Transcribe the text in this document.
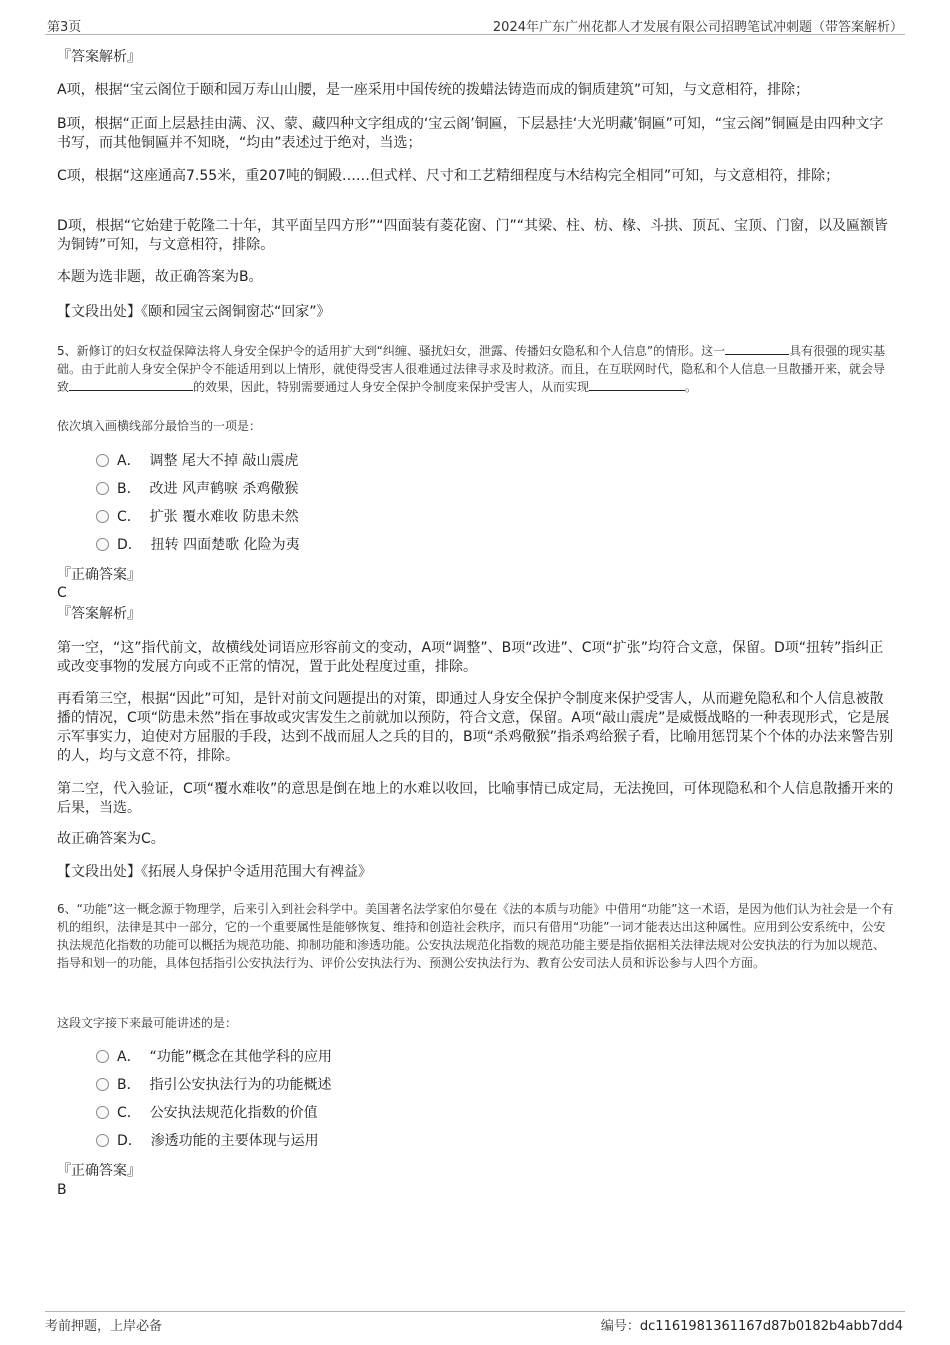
第3页	2024年广东广州花都人才发展有限公司招聘笔试冲刺题（带答案解析）
『答案解析』
A项，根据“宝云阁位于颐和园万寿山山腰，是一座采用中国传统的拨蜡法铸造而成的铜质建筑”可知，与文意相符，排除；
B项，根据“正面上层悬挂由满、汉、蒙、藏四种文字组成的‘宝云阁’铜匾，下层悬挂‘大光明藏’铜匾”可知，“宝云阁”铜匾是由四种文字书写，而其他铜匾并不知晓，“均由”表述过于绝对，当选；
C项，根据“这座通高7.55米，重207吨的铜殿……但式样、尺寸和工艺精细程度与木结构完全相同”可知，与文意相符，排除；
D项，根据“它始建于乾隆二十年，其平面呈四方形”“四面装有菱花窗、门”“其梁、柱、枋、椽、斗拱、顶瓦、宝顶、门窗，以及匾额皆为铜铸”可知，与文意相符，排除。
本题为选非题，故正确答案为B。
【文段出处】《颐和园宝云阁铜窗芯“回家”》
5、新修订的妇女权益保障法将人身安全保护令的适用扩大到“纠缠、骚扰妇女，泄露、传播妇女隐私和个人信息”的情形。这一	具有很强的现实基础。由于此前人身安全保护令不能适用到以上情形，就使得受害人很难通过法律寻求及时救济。而且，在互联网时代，隐私和个人信息一旦散播开来，就会导致	的效果，因此，特别需要通过人身安全保护令制度来保护受害人，从而实现	。
依次填入画横线部分最恰当的一项是：
A． 调整 尾大不掉 敲山震虎
B． 改进 风声鹤唳 杀鸡儆猴
C． 扩张 覆水难收 防患未然
D． 扭转 四面楚歌 化险为夷
『正确答案』
C
『答案解析』
第一空，“这”指代前文，故横线处词语应形容前文的变动，A项“调整”、B项“改进”、C项“扩张”均符合文意，保留。D项“扭转”指纠正或改变事物的发展方向或不正常的情况，置于此处程度过重，排除。
再看第三空，根据“因此”可知，是针对前文问题提出的对策，即通过人身安全保护令制度来保护受害人，从而避免隐私和个人信息被散播的情况，C项“防患未然”指在事故或灾害发生之前就加以预防，符合文意，保留。A项“敲山震虎”是威慑战略的一种表现形式，它是展示军事实力，迫使对方屈服的手段，达到不战而屈人之兵的目的，B项“杀鸡儆猴”指杀鸡给猴子看，比喻用惩罚某个个体的办法来警告别的人，均与文意不符，排除。
第二空，代入验证，C项“覆水难收”的意思是倒在地上的水难以收回，比喻事情已成定局，无法挽回，可体现隐私和个人信息散播开来的后果，当选。
故正确答案为C。
【文段出处】《拓展人身保护令适用范围大有裨益》
6、“功能”这一概念源于物理学，后来引入到社会科学中。美国著名法学家伯尔曼在《法的本质与功能》中借用“功能”这一术语，是因为他们认为社会是一个有机的组织，法律是其中一部分，它的一个重要属性是能够恢复、维持和创造社会秩序，而只有借用“功能”一词才能表达出这种属性。应用到公安系统中，公安执法规范化指数的功能可以概括为规范功能、抑制功能和渗透功能。公安执法规范化指数的规范功能主要是指依据相关法律法规对公安执法的行为加以规范、指导和划一的功能，具体包括指引公安执法行为、评价公安执法行为、预测公安执法行为、教育公安司法人员和诉讼参与人四个方面。
这段文字接下来最可能讲述的是：
A． “功能”概念在其他学科的应用
B． 指引公安执法行为的功能概述
C． 公安执法规范化指数的价值
D． 渗透功能的主要体现与运用
『正确答案』
B
考前押题，上岸必备	编号：dc1161981361167d87b0182b4abb7dd4
